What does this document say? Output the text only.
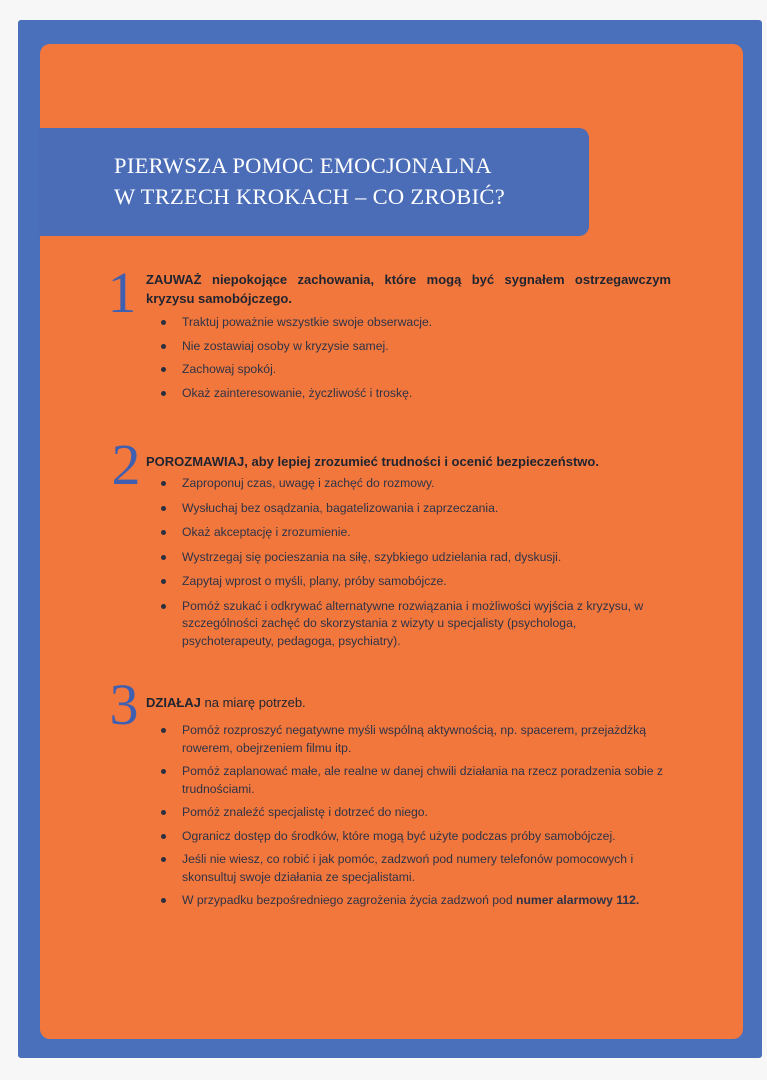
PIERWSZA POMOC EMOCJONALNA
W TRZECH KROKACH – CO ZROBIĆ?
1 ZAUWAŻ niepokojące zachowania, które mogą być sygnałem ostrzegawczym kryzysu samobójczego.
Traktuj poważnie wszystkie swoje obserwacje.
Nie zostawiaj osoby w kryzysie samej.
Zachowaj spokój.
Okaż zainteresowanie, życzliwość i troskę.
2 POROZMAWIAJ, aby lepiej zrozumieć trudności i ocenić bezpieczeństwo.
Zaproponuj czas, uwagę i zachęć do rozmowy.
Wysłuchaj bez osądzania, bagatelizowania i zaprzeczania.
Okaż akceptację i zrozumienie.
Wystrzegaj się pocieszania na siłę, szybkiego udzielania rad, dyskusji.
Zapytaj wprost o myśli, plany, próby samobójcze.
Pomóż szukać i odkrywać alternatywne rozwiązania i możliwości wyjścia z kryzysu, w szczególności zachęć do skorzystania z wizyty u specjalisty (psychologa, psychoterapeuty, pedagoga, psychiatry).
3 DZIAŁAJ na miarę potrzeb.
Pomóż rozproszyć negatywne myśli wspólną aktywnością, np. spacerem, przejażdżką rowerem, obejrzeniem filmu itp.
Pomóż zaplanować małe, ale realne w danej chwili działania na rzecz poradzenia sobie z trudnościami.
Pomóż znaleźć specjalistę i dotrzeć do niego.
Ogranicz dostęp do środków, które mogą być użyte podczas próby samobójczej.
Jeśli nie wiesz, co robić i jak pomóc, zadzwoń pod numery telefonów pomocowych i skonsultuj swoje działania ze specjalistami.
W przypadku bezpośredniego zagrożenia życia zadzwoń pod numer alarmowy 112.
